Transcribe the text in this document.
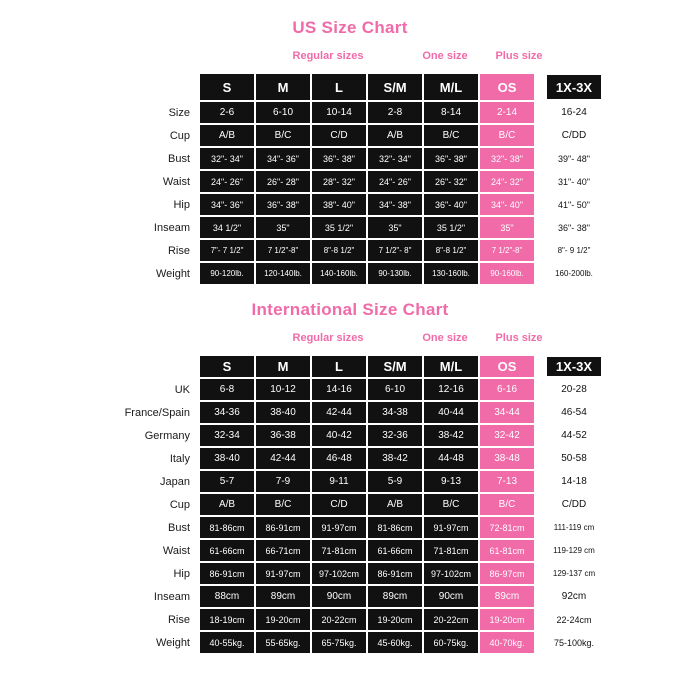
US Size Chart
Regular sizes	One size	Plus size
	S	M	L	S/M	M/L	OS		1X-3X
Size	2-6	6-10	10-14	2-8	8-14	2-14		16-24
Cup	A/B	B/C	C/D	A/B	B/C	B/C		C/DD
Bust	32"- 34"	34"- 36"	36"- 38"	32"- 34"	36"- 38"	32"- 38"		39"- 48"
Waist	24"- 26"	26"- 28"	28"- 32"	24"- 26"	26"- 32"	24"- 32"		31"- 40"
Hip	34"- 36"	36"- 38"	38"- 40"	34"- 38"	36"- 40"	34"- 40"		41"- 50"
Inseam	34 1/2"	35"	35 1/2"	35"	35 1/2"	35"		36"- 38"
Rise	7"- 7 1/2"	7 1/2"-8"	8"-8 1/2"	7 1/2"- 8"	8"-8 1/2"	7 1/2"-8"		8"- 9 1/2"
Weight	90-120lb.	120-140lb.	140-160lb.	90-130lb.	130-160lb.	90-160lb.		160-200lb.
International Size Chart
Regular sizes	One size	Plus size
	S	M	L	S/M	M/L	OS		1X-3X
UK	6-8	10-12	14-16	6-10	12-16	6-16		20-28
France/Spain	34-36	38-40	42-44	34-38	40-44	34-44		46-54
Germany	32-34	36-38	40-42	32-36	38-42	32-42		44-52
Italy	38-40	42-44	46-48	38-42	44-48	38-48		50-58
Japan	5-7	7-9	9-11	5-9	9-13	7-13		14-18
Cup	A/B	B/C	C/D	A/B	B/C	B/C		C/DD
Bust	81-86cm	86-91cm	91-97cm	81-86cm	91-97cm	72-81cm		111-119 cm
Waist	61-66cm	66-71cm	71-81cm	61-66cm	71-81cm	61-81cm		119-129 cm
Hip	86-91cm	91-97cm	97-102cm	86-91cm	97-102cm	86-97cm		129-137 cm
Inseam	88cm	89cm	90cm	89cm	90cm	89cm		92cm
Rise	18-19cm	19-20cm	20-22cm	19-20cm	20-22cm	19-20cm		22-24cm
Weight	40-55kg.	55-65kg.	65-75kg.	45-60kg.	60-75kg.	40-70kg.		75-100kg.
